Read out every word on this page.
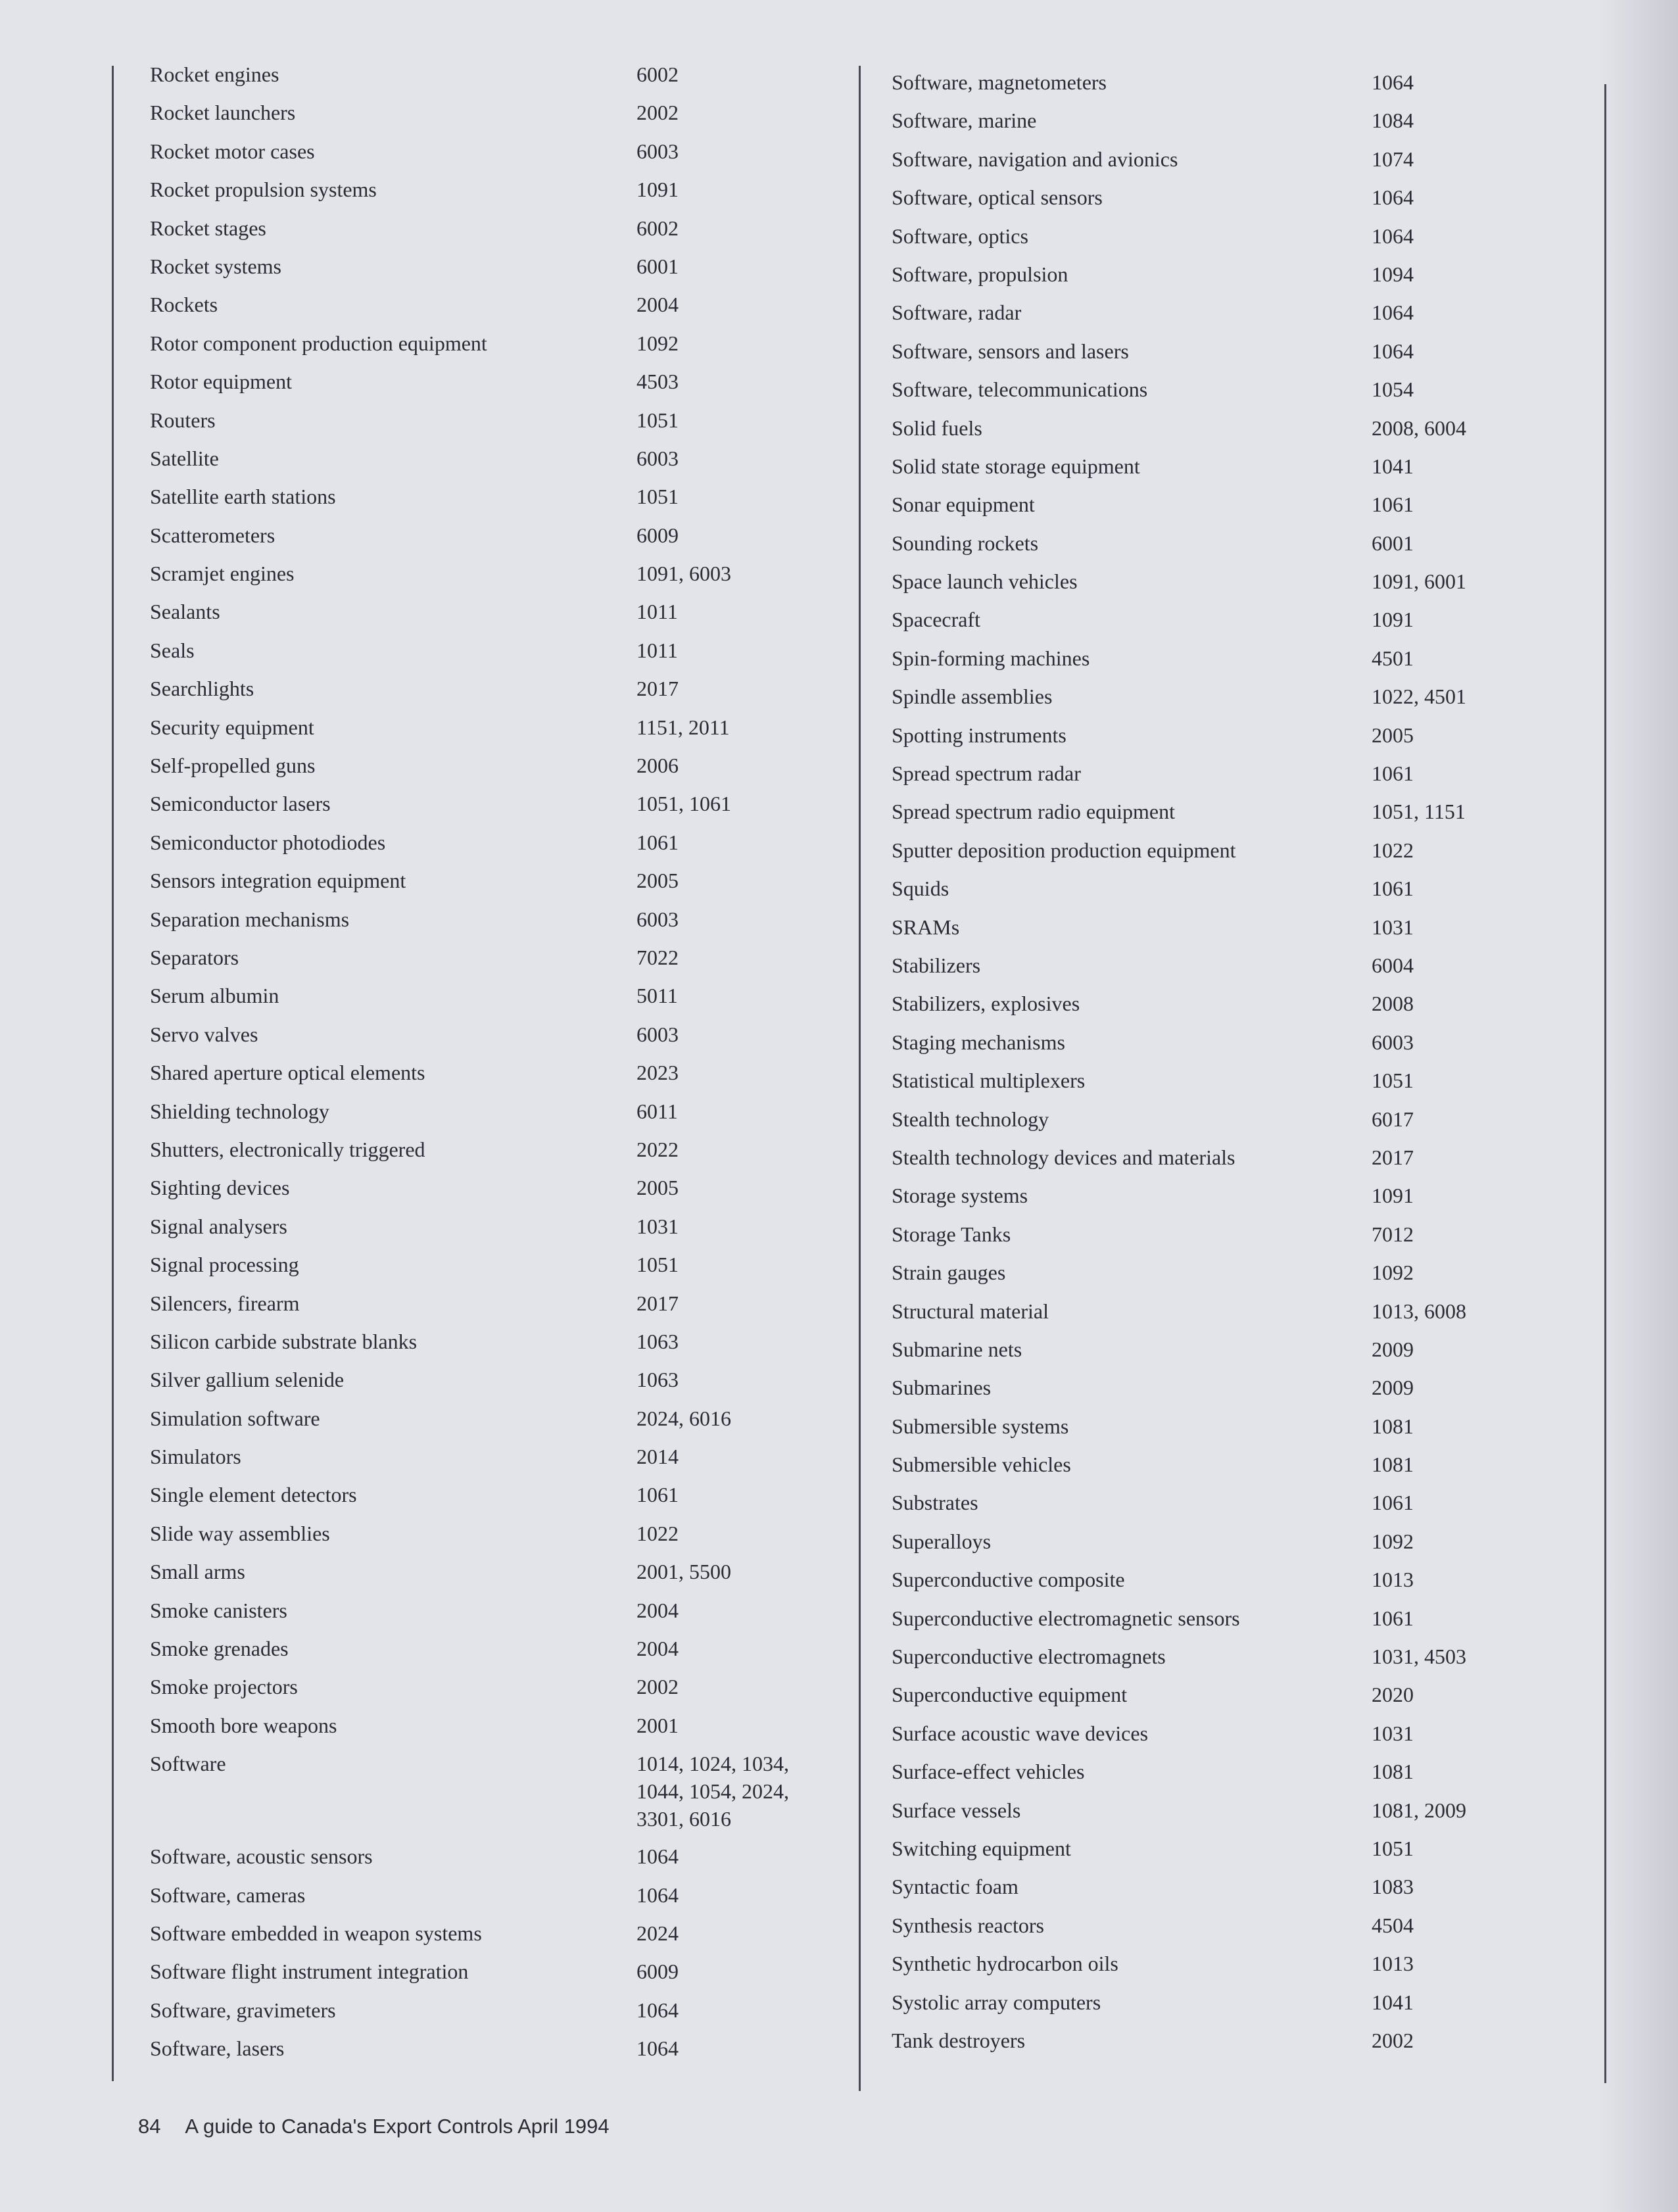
Rocket engines	6002
Rocket launchers	2002
Rocket motor cases	6003
Rocket propulsion systems	1091
Rocket stages	6002
Rocket systems	6001
Rockets	2004
Rotor component production equipment	1092
Rotor equipment	4503
Routers	1051
Satellite	6003
Satellite earth stations	1051
Scatterometers	6009
Scramjet engines	1091, 6003
Sealants	1011
Seals	1011
Searchlights	2017
Security equipment	1151, 2011
Self-propelled guns	2006
Semiconductor lasers	1051, 1061
Semiconductor photodiodes	1061
Sensors integration equipment	2005
Separation mechanisms	6003
Separators	7022
Serum albumin	5011
Servo valves	6003
Shared aperture optical elements	2023
Shielding technology	6011
Shutters, electronically triggered	2022
Sighting devices	2005
Signal analysers	1031
Signal processing	1051
Silencers, firearm	2017
Silicon carbide substrate blanks	1063
Silver gallium selenide	1063
Simulation software	2024, 6016
Simulators	2014
Single element detectors	1061
Slide way assemblies	1022
Small arms	2001, 5500
Smoke canisters	2004
Smoke grenades	2004
Smoke projectors	2002
Smooth bore weapons	2001
Software	1014, 1024, 1034,
1044, 1054, 2024,
3301, 6016
Software, acoustic sensors	1064
Software, cameras	1064
Software embedded in weapon systems	2024
Software flight instrument integration	6009
Software, gravimeters	1064
Software, lasers	1064
Software, magnetometers	1064
Software, marine	1084
Software, navigation and avionics	1074
Software, optical sensors	1064
Software, optics	1064
Software, propulsion	1094
Software, radar	1064
Software, sensors and lasers	1064
Software, telecommunications	1054
Solid fuels	2008, 6004
Solid state storage equipment	1041
Sonar equipment	1061
Sounding rockets	6001
Space launch vehicles	1091, 6001
Spacecraft	1091
Spin-forming machines	4501
Spindle assemblies	1022, 4501
Spotting instruments	2005
Spread spectrum radar	1061
Spread spectrum radio equipment	1051, 1151
Sputter deposition production equipment	1022
Squids	1061
SRAMs	1031
Stabilizers	6004
Stabilizers, explosives	2008
Staging mechanisms	6003
Statistical multiplexers	1051
Stealth technology	6017
Stealth technology devices and materials	2017
Storage systems	1091
Storage Tanks	7012
Strain gauges	1092
Structural material	1013, 6008
Submarine nets	2009
Submarines	2009
Submersible systems	1081
Submersible vehicles	1081
Substrates	1061
Superalloys	1092
Superconductive composite	1013
Superconductive electromagnetic sensors	1061
Superconductive electromagnets	1031, 4503
Superconductive equipment	2020
Surface acoustic wave devices	1031
Surface-effect vehicles	1081
Surface vessels	1081, 2009
Switching equipment	1051
Syntactic foam	1083
Synthesis reactors	4504
Synthetic hydrocarbon oils	1013
Systolic array computers	1041
Tank destroyers	2002
84 A guide to Canada's Export Controls April 1994
